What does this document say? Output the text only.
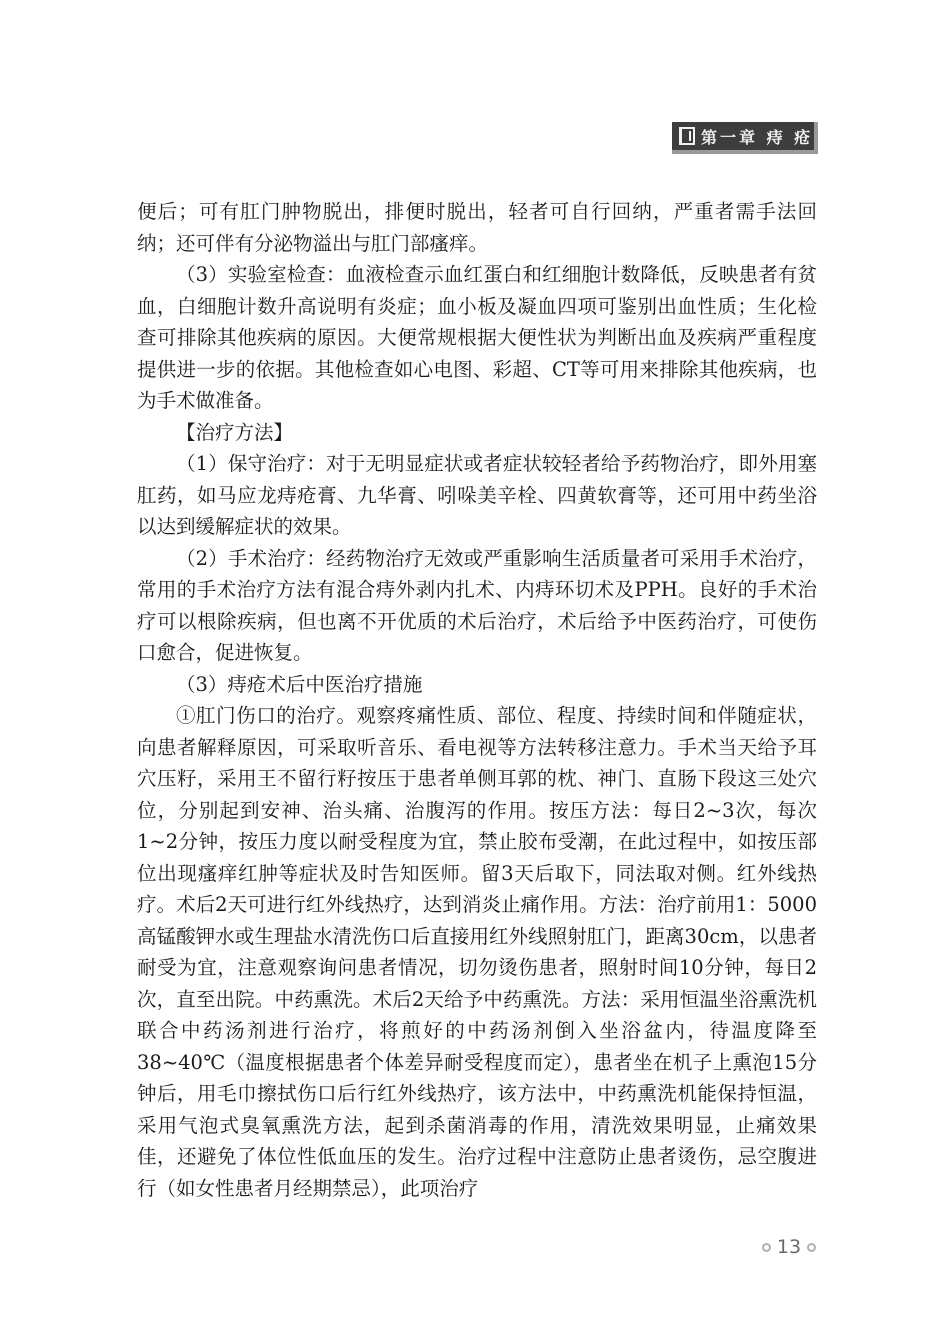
第一章 痔 疮

便后；可有肛门肿物脱出，排便时脱出，轻者可自行回纳，严重者需手法回纳；还可伴有分泌物溢出与肛门部瘙痒。

（3）实验室检查：血液检查示血红蛋白和红细胞计数降低，反映患者有贫血，白细胞计数升高说明有炎症；血小板及凝血四项可鉴别出血性质；生化检查可排除其他疾病的原因。大便常规根据大便性状为判断出血及疾病严重程度提供进一步的依据。其他检查如心电图、彩超、CT等可用来排除其他疾病，也为手术做准备。

【治疗方法】

（1）保守治疗：对于无明显症状或者症状较轻者给予药物治疗，即外用塞肛药，如马应龙痔疮膏、九华膏、吲哚美辛栓、四黄软膏等，还可用中药坐浴以达到缓解症状的效果。

（2）手术治疗：经药物治疗无效或严重影响生活质量者可采用手术治疗，常用的手术治疗方法有混合痔外剥内扎术、内痔环切术及PPH。良好的手术治疗可以根除疾病，但也离不开优质的术后治疗，术后给予中医药治疗，可使伤口愈合，促进恢复。

（3）痔疮术后中医治疗措施

①肛门伤口的治疗。观察疼痛性质、部位、程度、持续时间和伴随症状，向患者解释原因，可采取听音乐、看电视等方法转移注意力。手术当天给予耳穴压籽，采用王不留行籽按压于患者单侧耳郭的枕、神门、直肠下段这三处穴位，分别起到安神、治头痛、治腹泻的作用。按压方法：每日2~3次，每次1~2分钟，按压力度以耐受程度为宜，禁止胶布受潮，在此过程中，如按压部位出现瘙痒红肿等症状及时告知医师。留3天后取下，同法取对侧。红外线热疗。术后2天可进行红外线热疗，达到消炎止痛作用。方法：治疗前用1：5000高锰酸钾水或生理盐水清洗伤口后直接用红外线照射肛门，距离30cm，以患者耐受为宜，注意观察询问患者情况，切勿烫伤患者，照射时间10分钟，每日2次，直至出院。中药熏洗。术后2天给予中药熏洗。方法：采用恒温坐浴熏洗机联合中药汤剂进行治疗，将煎好的中药汤剂倒入坐浴盆内，待温度降至38~40℃（温度根据患者个体差异耐受程度而定），患者坐在机子上熏泡15分钟后，用毛巾擦拭伤口后行红外线热疗，该方法中，中药熏洗机能保持恒温，采用气泡式臭氧熏洗方法，起到杀菌消毒的作用，清洗效果明显，止痛效果佳，还避免了体位性低血压的发生。治疗过程中注意防止患者烫伤，忌空腹进行（如女性患者月经期禁忌），此项治疗

13
